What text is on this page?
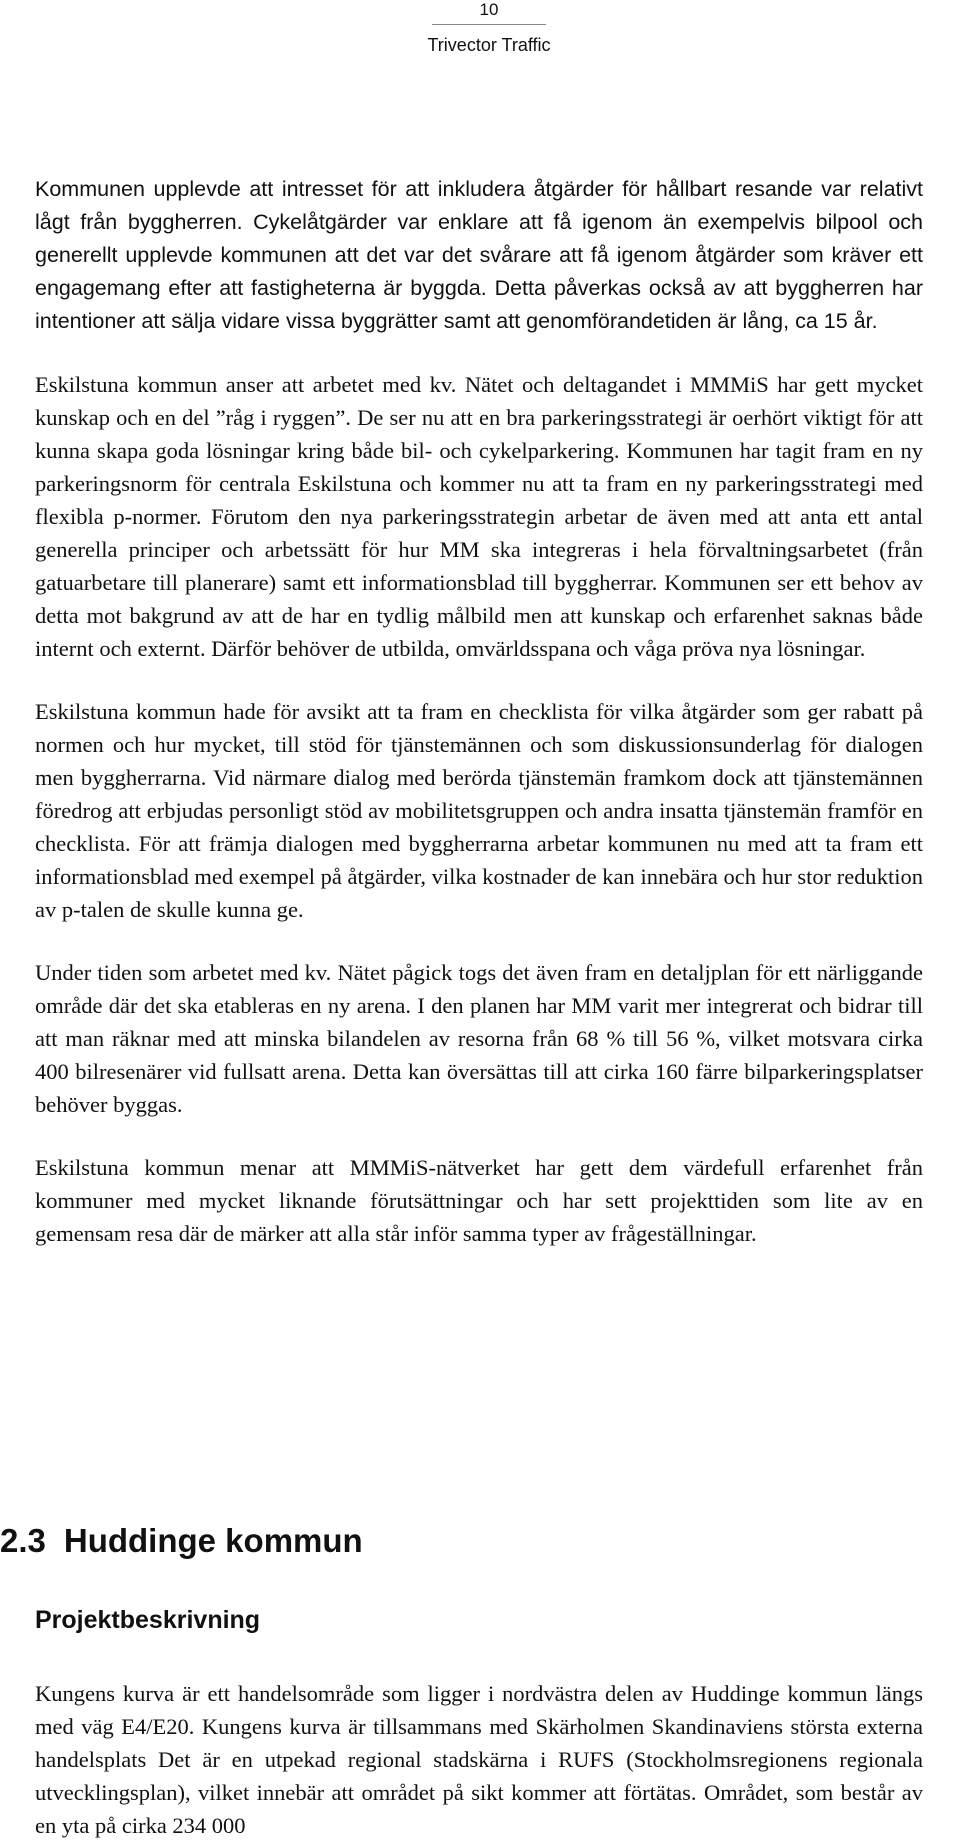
10
Trivector Traffic

Kommunen upplevde att intresset för att inkludera åtgärder för hållbart resande var relativt lågt från byggherren. Cykelåtgärder var enklare att få igenom än exempelvis bilpool och generellt upplevde kommunen att det var det svårare att få igenom åtgärder som kräver ett engagemang efter att fastigheterna är byggda. Detta påverkas också av att byggherren har intentioner att sälja vidare vissa byggrätter samt att genomförandetiden är lång, ca 15 år.

Eskilstuna kommun anser att arbetet med kv. Nätet och deltagandet i MMMiS har gett mycket kunskap och en del ”råg i ryggen”. De ser nu att en bra parkeringsstrategi är oerhört viktigt för att kunna skapa goda lösningar kring både bil- och cykelparkering. Kommunen har tagit fram en ny parkeringsnorm för centrala Eskilstuna och kommer nu att ta fram en ny parkeringsstrategi med flexibla p-normer. Förutom den nya parkeringsstrategin arbetar de även med att anta ett antal generella principer och arbetssätt för hur MM ska integreras i hela förvaltningsarbetet (från gatuarbetare till planerare) samt ett informationsblad till byggherrar. Kommunen ser ett behov av detta mot bakgrund av att de har en tydlig målbild men att kunskap och erfarenhet saknas både internt och externt. Därför behöver de utbilda, omvärldsspana och våga pröva nya lösningar.

Eskilstuna kommun hade för avsikt att ta fram en checklista för vilka åtgärder som ger rabatt på normen och hur mycket, till stöd för tjänstemännen och som diskussionsunderlag för dialogen men byggherrarna. Vid närmare dialog med berörda tjänstemän framkom dock att tjänstemännen föredrog att erbjudas personligt stöd av mobilitetsgruppen och andra insatta tjänstemän framför en checklista. För att främja dialogen med byggherrarna arbetar kommunen nu med att ta fram ett informationsblad med exempel på åtgärder, vilka kostnader de kan innebära och hur stor reduktion av p-talen de skulle kunna ge.

Under tiden som arbetet med kv. Nätet pågick togs det även fram en detaljplan för ett närliggande område där det ska etableras en ny arena. I den planen har MM varit mer integrerat och bidrar till att man räknar med att minska bilandelen av resorna från 68 % till 56 %, vilket motsvara cirka 400 bilresenärer vid fullsatt arena. Detta kan översättas till att cirka 160 färre bilparkeringsplatser behöver byggas.

Eskilstuna kommun menar att MMMiS-nätverket har gett dem värdefull erfarenhet från kommuner med mycket liknande förutsättningar och har sett projekttiden som lite av en gemensam resa där de märker att alla står inför samma typer av frågeställningar.

2.3 Huddinge kommun
Projektbeskrivning

Kungens kurva är ett handelsområde som ligger i nordvästra delen av Huddinge kommun längs med väg E4/E20. Kungens kurva är tillsammans med Skärholmen Skandinaviens största externa handelsplats Det är en utpekad regional stadskärna i RUFS (Stockholmsregionens regionala utvecklingsplan), vilket innebär att området på sikt kommer att förtätas. Området, som består av en yta på cirka 234 000
